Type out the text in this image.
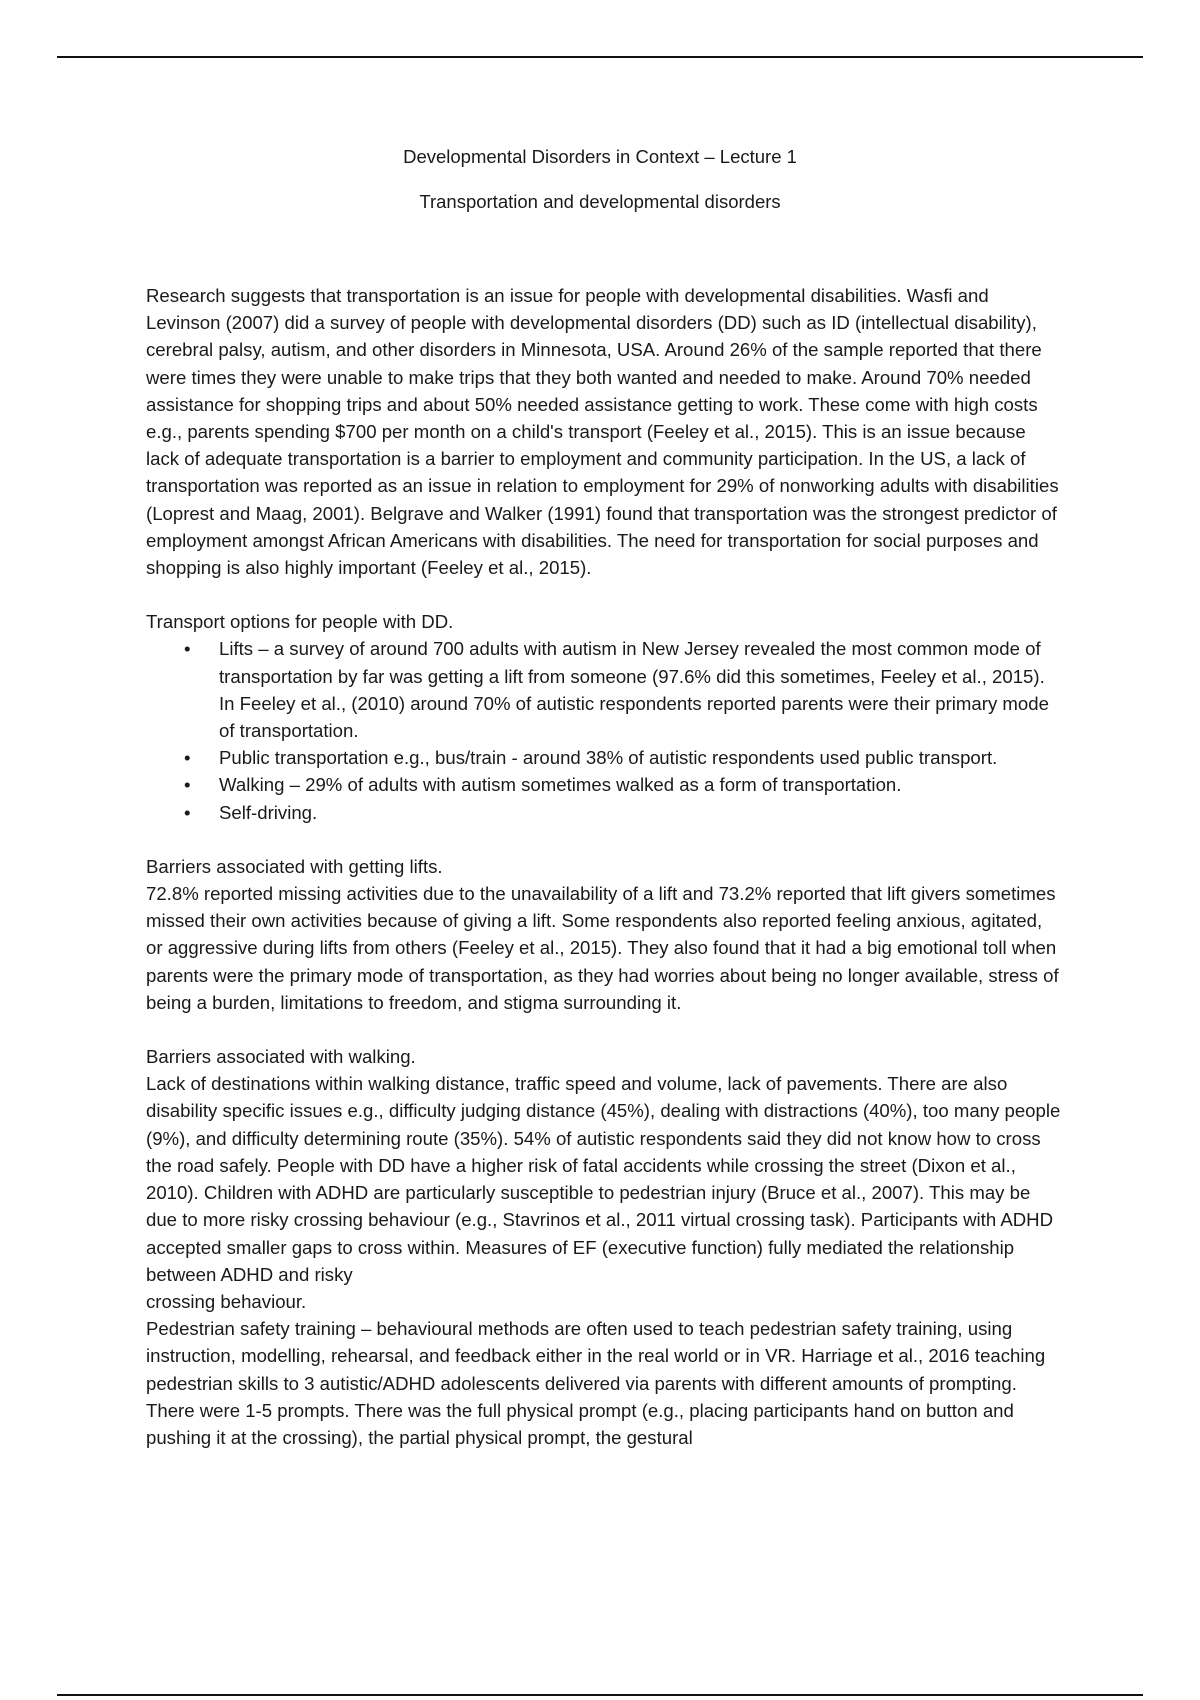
Developmental Disorders in Context – Lecture 1
Transportation and developmental disorders

Research suggests that transportation is an issue for people with developmental disabilities. Wasfi and Levinson (2007) did a survey of people with developmental disorders (DD) such as ID (intellectual disability), cerebral palsy, autism, and other disorders in Minnesota, USA. Around 26% of the sample reported that there were times they were unable to make trips that they both wanted and needed to make. Around 70% needed assistance for shopping trips and about 50% needed assistance getting to work. These come with high costs e.g., parents spending $700 per month on a child's transport (Feeley et al., 2015). This is an issue because lack of adequate transportation is a barrier to employment and community participation. In the US, a lack of transportation was reported as an issue in relation to employment for 29% of nonworking adults with disabilities (Loprest and Maag, 2001). Belgrave and Walker (1991) found that transportation was the strongest predictor of employment amongst African Americans with disabilities. The need for transportation for social purposes and shopping is also highly important (Feeley et al., 2015).

Transport options for people with DD.

• Lifts – a survey of around 700 adults with autism in New Jersey revealed the most common mode of transportation by far was getting a lift from someone (97.6% did this sometimes, Feeley et al., 2015). In Feeley et al., (2010) around 70% of autistic respondents reported parents were their primary mode of transportation.
• Public transportation e.g., bus/train - around 38% of autistic respondents used public transport.
• Walking – 29% of adults with autism sometimes walked as a form of transportation.
• Self-driving.

Barriers associated with getting lifts.

72.8% reported missing activities due to the unavailability of a lift and 73.2% reported that lift givers sometimes missed their own activities because of giving a lift. Some respondents also reported feeling anxious, agitated, or aggressive during lifts from others (Feeley et al., 2015). They also found that it had a big emotional toll when parents were the primary mode of transportation, as they had worries about being no longer available, stress of being a burden, limitations to freedom, and stigma surrounding it.

Barriers associated with walking.

Lack of destinations within walking distance, traffic speed and volume, lack of pavements. There are also disability specific issues e.g., difficulty judging distance (45%), dealing with distractions (40%), too many people (9%), and difficulty determining route (35%). 54% of autistic respondents said they did not know how to cross the road safely. People with DD have a higher risk of fatal accidents while crossing the street (Dixon et al., 2010). Children with ADHD are particularly susceptible to pedestrian injury (Bruce et al., 2007). This may be due to more risky crossing behaviour (e.g., Stavrinos et al., 2011 virtual crossing task). Participants with ADHD accepted smaller gaps to cross within. Measures of EF (executive function) fully mediated the relationship between ADHD and risky

crossing behaviour.

Pedestrian safety training – behavioural methods are often used to teach pedestrian safety training, using instruction, modelling, rehearsal, and feedback either in the real world or in VR. Harriage et al., 2016 teaching pedestrian skills to 3 autistic/ADHD adolescents delivered via parents with different amounts of prompting. There were 1-5 prompts. There was the full physical prompt (e.g., placing participants hand on button and pushing it at the crossing), the partial physical prompt, the gestural
